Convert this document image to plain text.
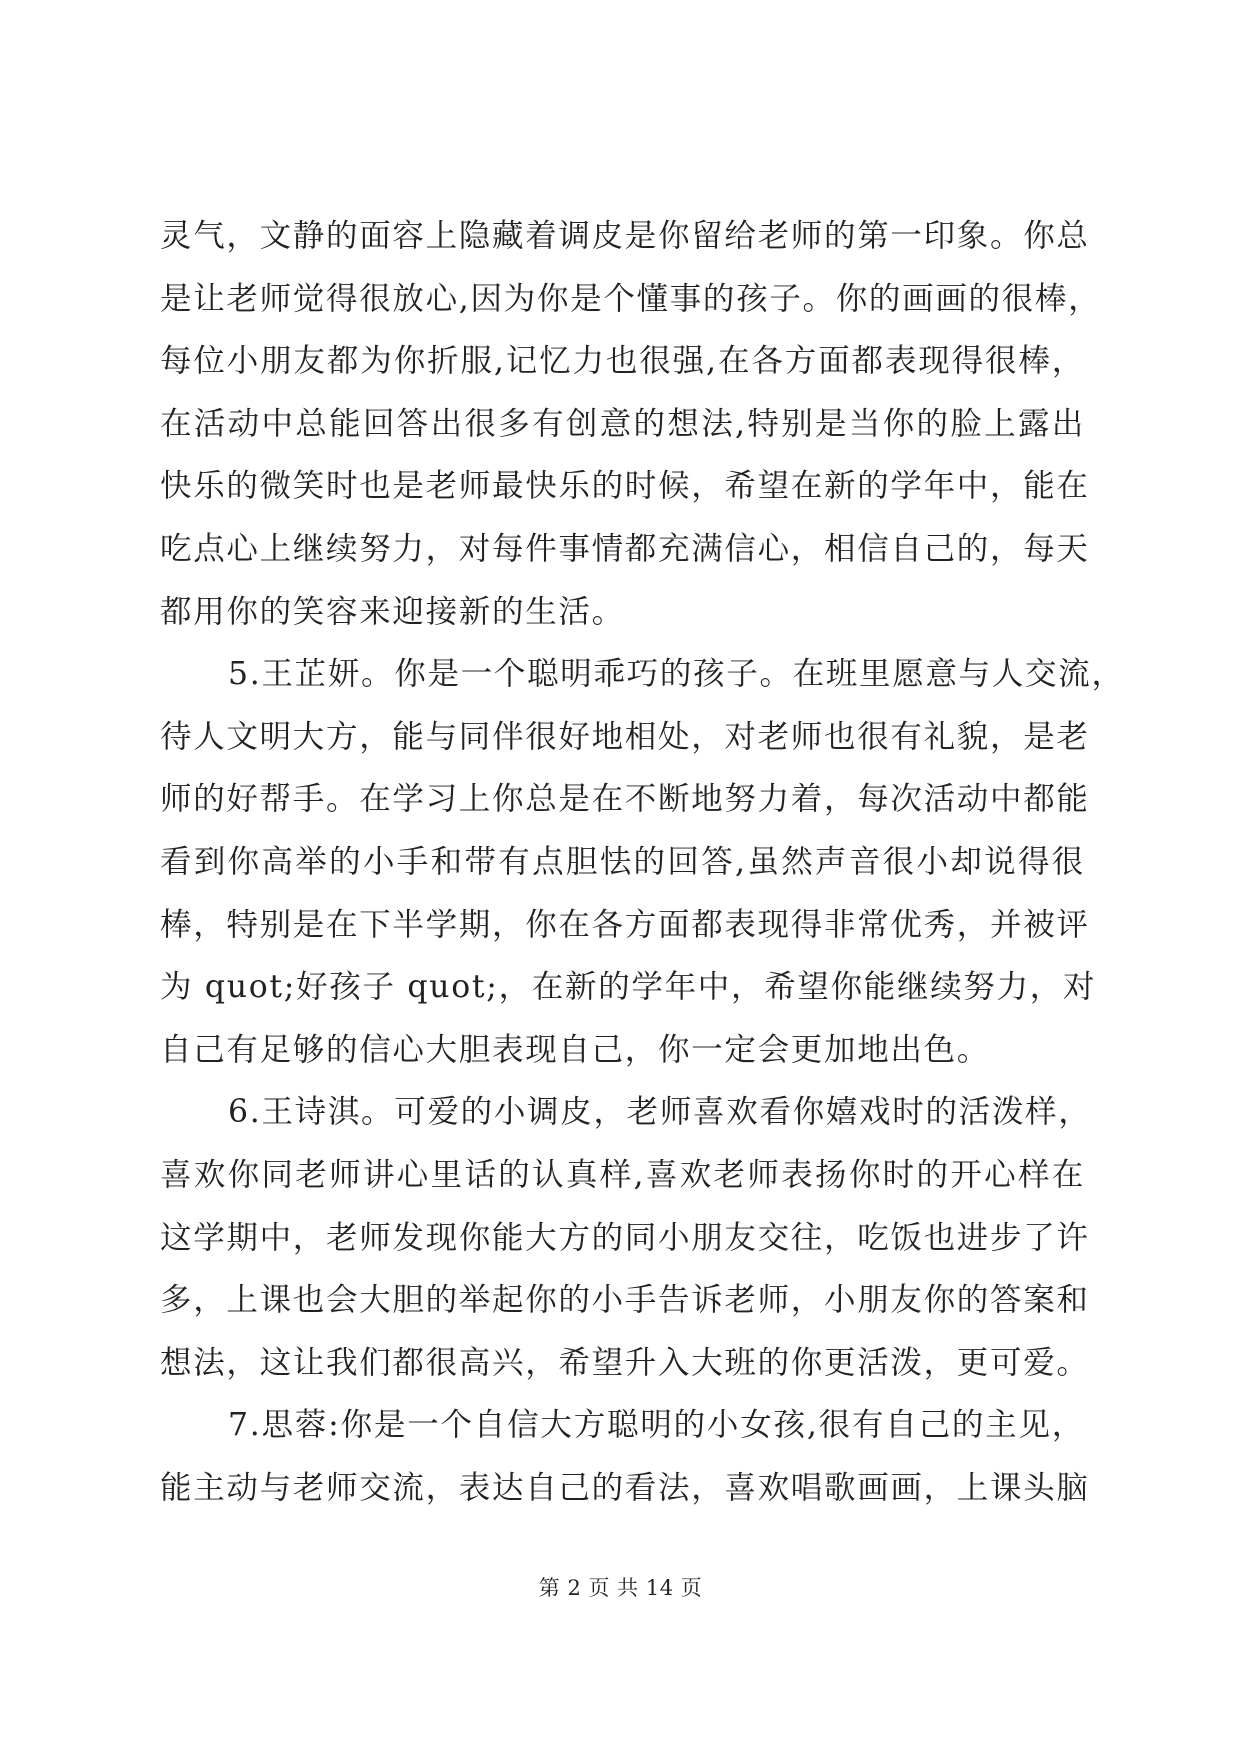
灵气，文静的面容上隐藏着调皮是你留给老师的第一印象。你总
是让老师觉得很放心,因为你是个懂事的孩子。你的画画的很棒，
每位小朋友都为你折服,记忆力也很强,在各方面都表现得很棒，
在活动中总能回答出很多有创意的想法,特别是当你的脸上露出
快乐的微笑时也是老师最快乐的时候，希望在新的学年中，能在
吃点心上继续努力，对每件事情都充满信心，相信自己的，每天
都用你的笑容来迎接新的生活。
5.王芷妍。你是一个聪明乖巧的孩子。在班里愿意与人交流，
待人文明大方，能与同伴很好地相处，对老师也很有礼貌，是老
师的好帮手。在学习上你总是在不断地努力着，每次活动中都能
看到你高举的小手和带有点胆怯的回答,虽然声音很小却说得很
棒，特别是在下半学期，你在各方面都表现得非常优秀，并被评
为 quot;好孩子 quot;，在新的学年中，希望你能继续努力，对
自己有足够的信心大胆表现自己，你一定会更加地出色。
6.王诗淇。可爱的小调皮，老师喜欢看你嬉戏时的活泼样，
喜欢你同老师讲心里话的认真样,喜欢老师表扬你时的开心样在
这学期中，老师发现你能大方的同小朋友交往，吃饭也进步了许
多，上课也会大胆的举起你的小手告诉老师，小朋友你的答案和
想法，这让我们都很高兴，希望升入大班的你更活泼，更可爱。
7.思蓉:你是一个自信大方聪明的小女孩,很有自己的主见，
能主动与老师交流，表达自己的看法，喜欢唱歌画画，上课头脑
第 2 页 共 14 页
